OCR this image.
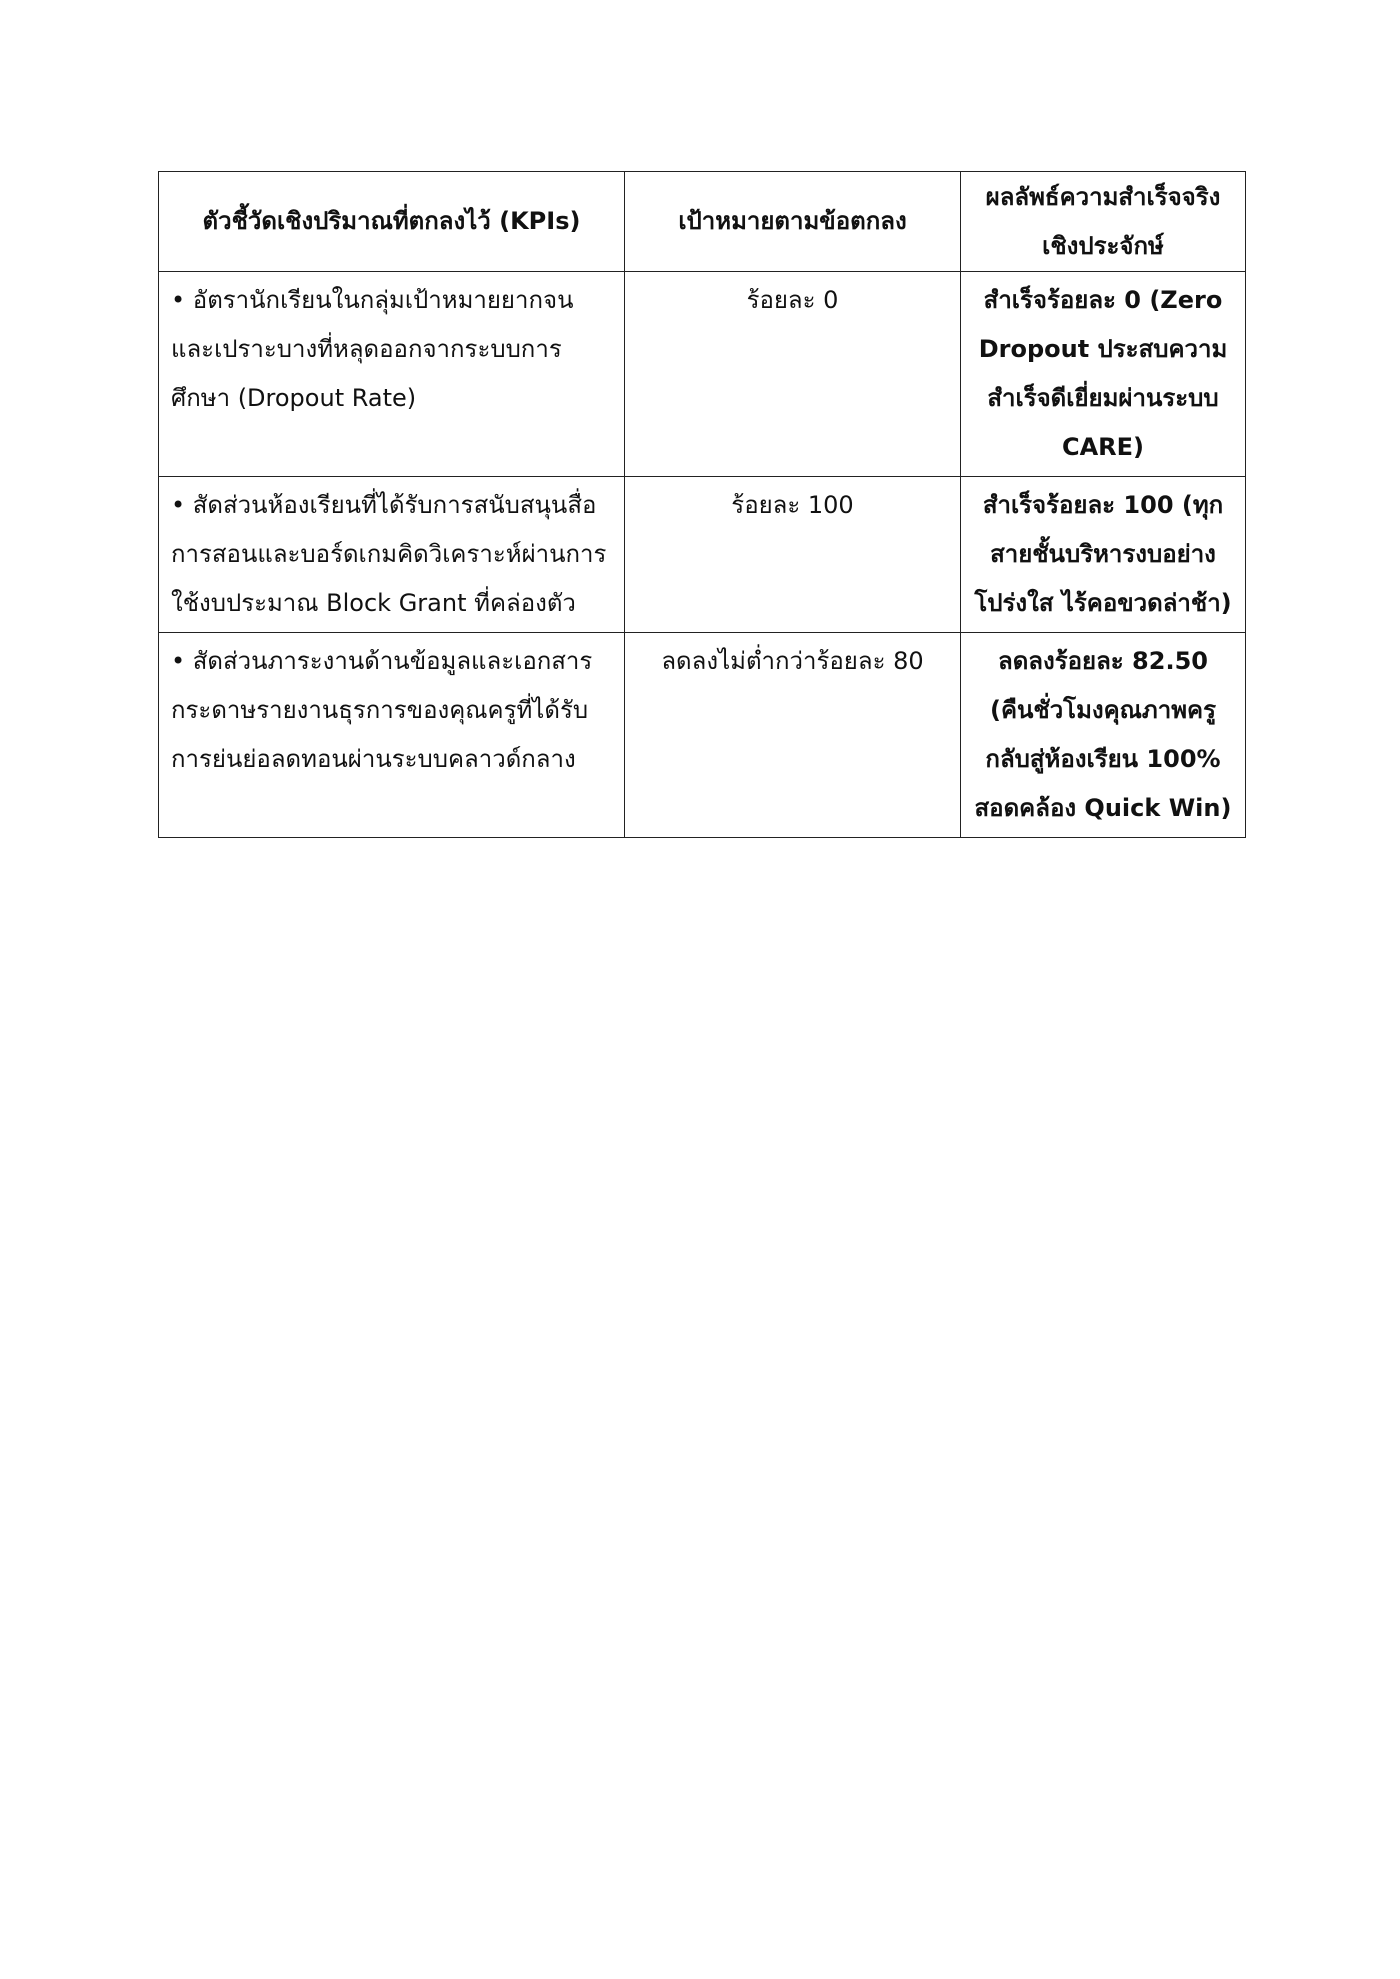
ตัวชี้วัดเชิงปริมาณที่ตกลงไว้ (KPIs)	เป้าหมายตามข้อตกลง	ผลลัพธ์ความสำเร็จจริงเชิงประจักษ์
• อัตรานักเรียนในกลุ่มเป้าหมายยากจนและเปราะบางที่หลุดออกจากระบบการศึกษา (Dropout Rate)	ร้อยละ 0	สำเร็จร้อยละ 0 (Zero Dropout ประสบความสำเร็จดีเยี่ยมผ่านระบบ CARE)
• สัดส่วนห้องเรียนที่ได้รับการสนับสนุนสื่อการสอนและบอร์ดเกมคิดวิเคราะห์ผ่านการใช้งบประมาณ Block Grant ที่คล่องตัว	ร้อยละ 100	สำเร็จร้อยละ 100 (ทุกสายชั้นบริหารงบอย่างโปร่งใส ไร้คอขวดล่าช้า)
• สัดส่วนภาระงานด้านข้อมูลและเอกสารกระดาษรายงานธุรการของคุณครูที่ได้รับการย่นย่อลดทอนผ่านระบบคลาวด์กลาง	ลดลงไม่ต่ำกว่าร้อยละ 80	ลดลงร้อยละ 82.50 (คืนชั่วโมงคุณภาพครูกลับสู่ห้องเรียน 100% สอดคล้อง Quick Win)
